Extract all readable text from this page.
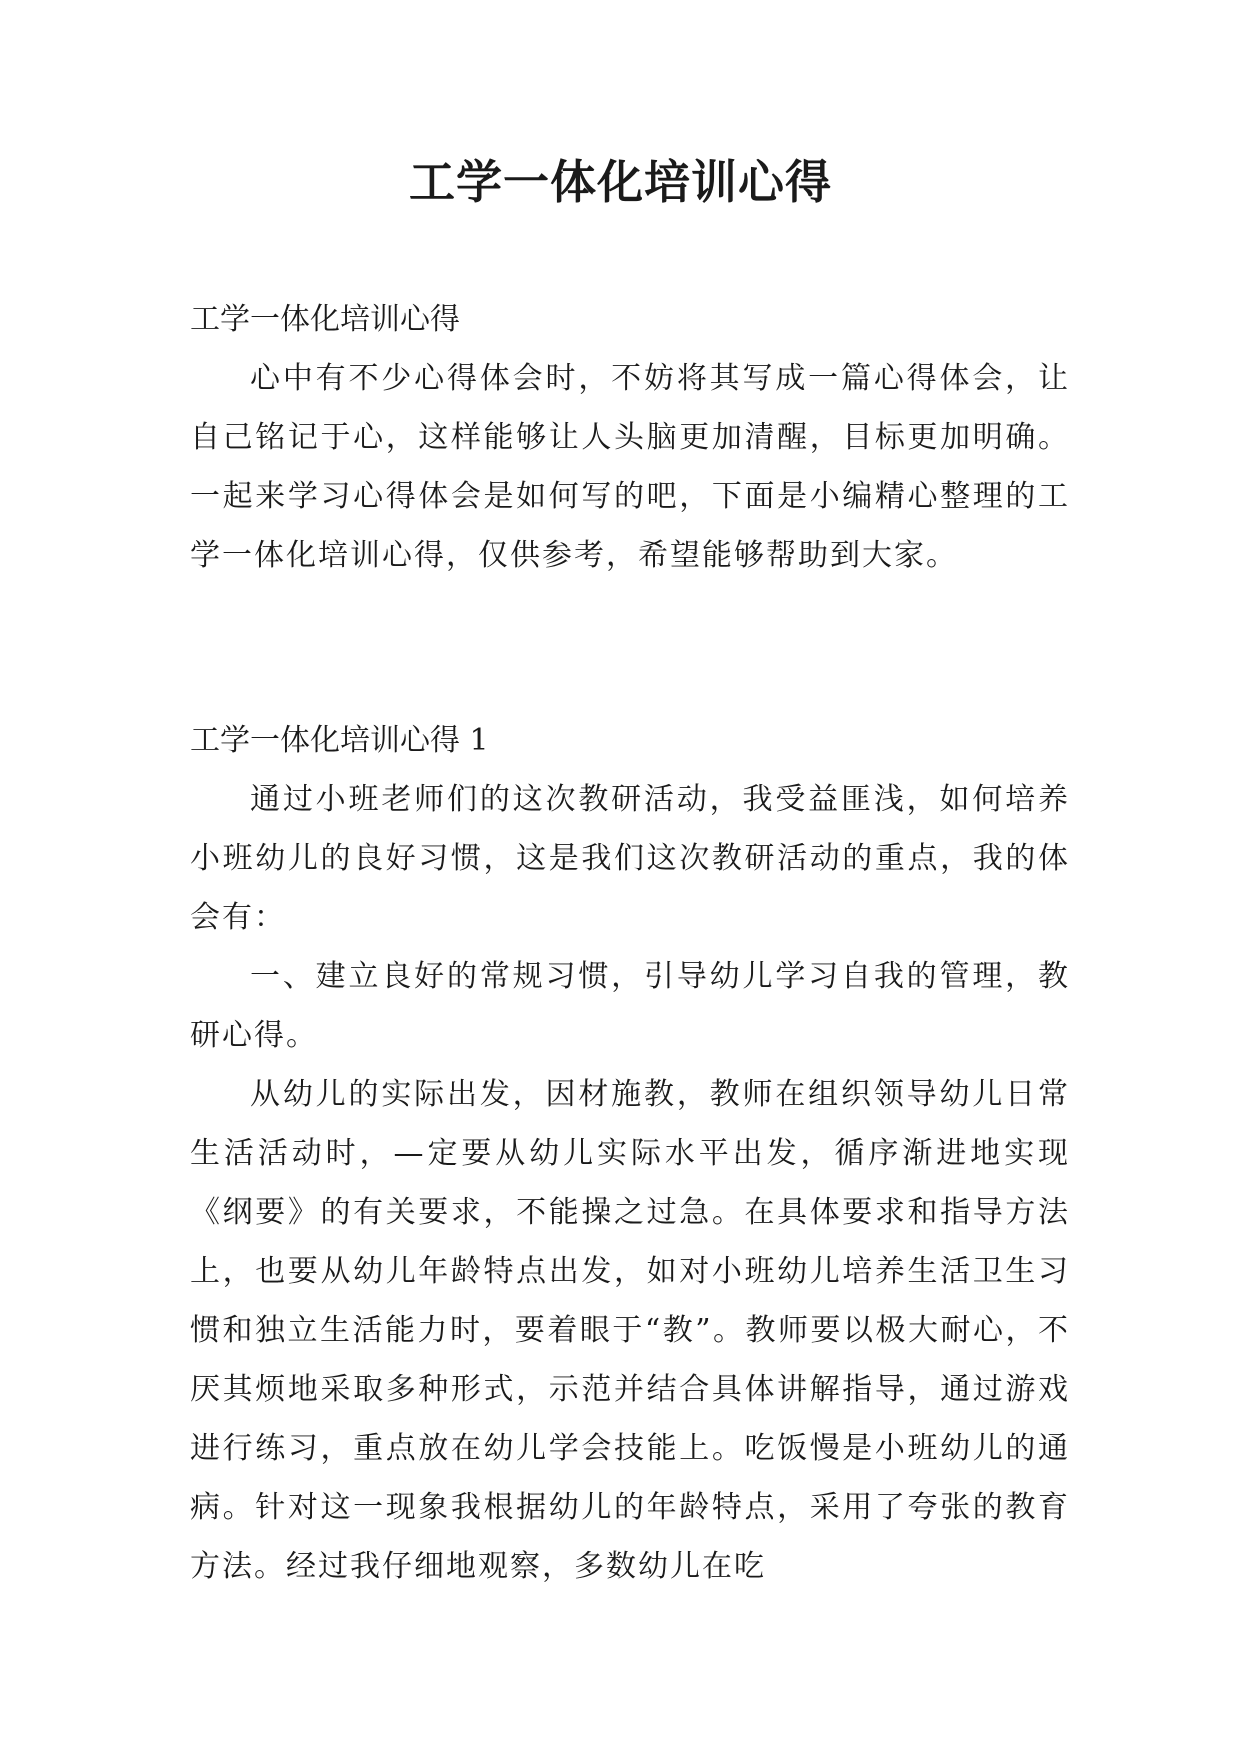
工学一体化培训心得

工学一体化培训心得

心中有不少心得体会时，不妨将其写成一篇心得体会，让自己铭记于心，这样能够让人头脑更加清醒，目标更加明确。一起来学习心得体会是如何写的吧，下面是小编精心整理的工学一体化培训心得，仅供参考，希望能够帮助到大家。

工学一体化培训心得 1

通过小班老师们的这次教研活动，我受益匪浅，如何培养小班幼儿的良好习惯，这是我们这次教研活动的重点，我的体会有：

一、建立良好的常规习惯，引导幼儿学习自我的管理，教研心得。

从幼儿的实际出发，因材施教，教师在组织领导幼儿日常生活活动时，—定要从幼儿实际水平出发，循序渐进地实现《纲要》的有关要求，不能操之过急。在具体要求和指导方法上，也要从幼儿年龄特点出发，如对小班幼儿培养生活卫生习惯和独立生活能力时，要着眼于“教”。教师要以极大耐心，不厌其烦地采取多种形式，示范并结合具体讲解指导，通过游戏进行练习，重点放在幼儿学会技能上。吃饭慢是小班幼儿的通病。针对这一现象我根据幼儿的年龄特点，采用了夸张的教育方法。经过我仔细地观察，多数幼儿在吃
